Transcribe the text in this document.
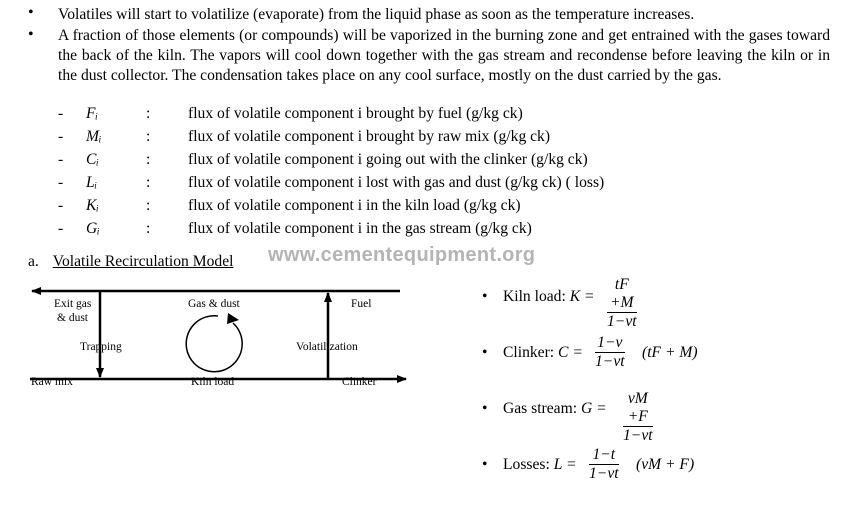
• Volatiles will start to volatilize (evaporate) from the liquid phase as soon as the temperature increases.
• A fraction of those elements (or compounds) will be vaporized in the burning zone and get entrained with the gases toward the back of the kiln. The vapors will cool down together with the gas stream and recondense before leaving the kiln or in the dust collector. The condensation takes place on any cool surface, mostly on the dust carried by the gas.
- Fᵢ	: flux of volatile component i brought by fuel (g/kg ck)
- Mᵢ	: flux of volatile component i brought by raw mix (g/kg ck)
- Cᵢ	: flux of volatile component i going out with the clinker (g/kg ck)
- Lᵢ	: flux of volatile component i lost with gas and dust (g/kg ck) ( loss)
- Kᵢ	: flux of volatile component i in the kiln load (g/kg ck)
- Gᵢ	: flux of volatile component i in the gas stream (g/kg ck)
a. Volatile Recirculation Model www.cementequipment.org
Exit gas
& dust
Gas & dust	Fuel
Trapping	Volatilization
Raw mix	Kiln load	Clinker
• Kiln load: $K = \frac{tF +M}{1-vt}$
• Clinker: $C = \frac{1-v}{1-vt} (tF + M)$
• Gas stream: $G = \frac{vM +F}{1-vt}$
• Losses: $L = \frac{1-t}{1-vt} (vM + F)$
